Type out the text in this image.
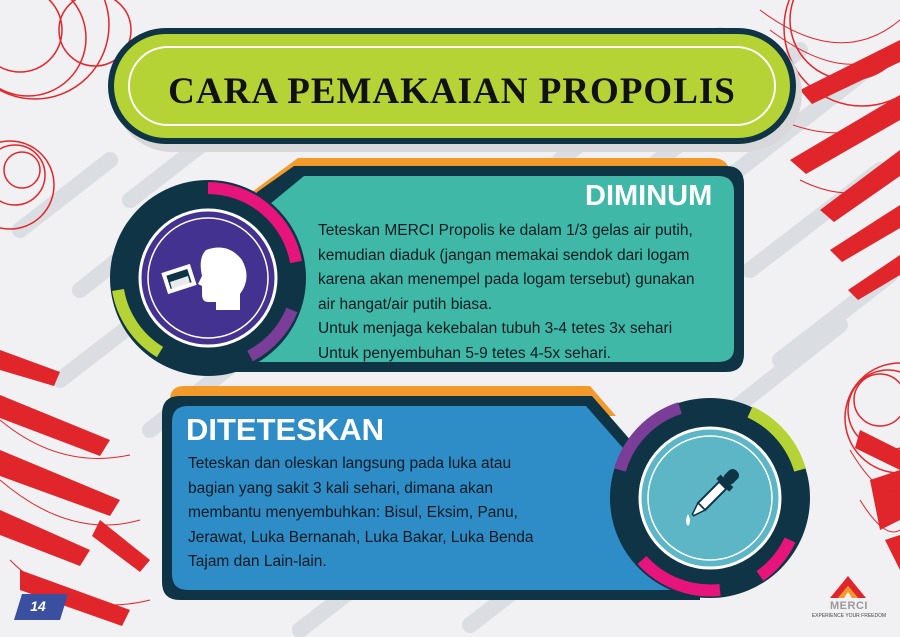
CARA PEMAKAIAN PROPOLIS
DIMINUM
Teteskan MERCI Propolis ke dalam 1/3 gelas air putih,
kemudian diaduk (jangan memakai sendok dari logam
karena akan menempel pada logam tersebut) gunakan
air hangat/air putih biasa.
Untuk menjaga kekebalan tubuh 3-4 tetes 3x sehari
Untuk penyembuhan 5-9 tetes 4-5x sehari.
DITETESKAN
Teteskan dan oleskan langsung pada luka atau
bagian yang sakit 3 kali sehari, dimana akan
membantu menyembuhkan: Bisul, Eksim, Panu,
Jerawat, Luka Bernanah, Luka Bakar, Luka Benda
Tajam dan Lain-lain.
14	MERCI
EXPERIENCE YOUR FREEDOM
